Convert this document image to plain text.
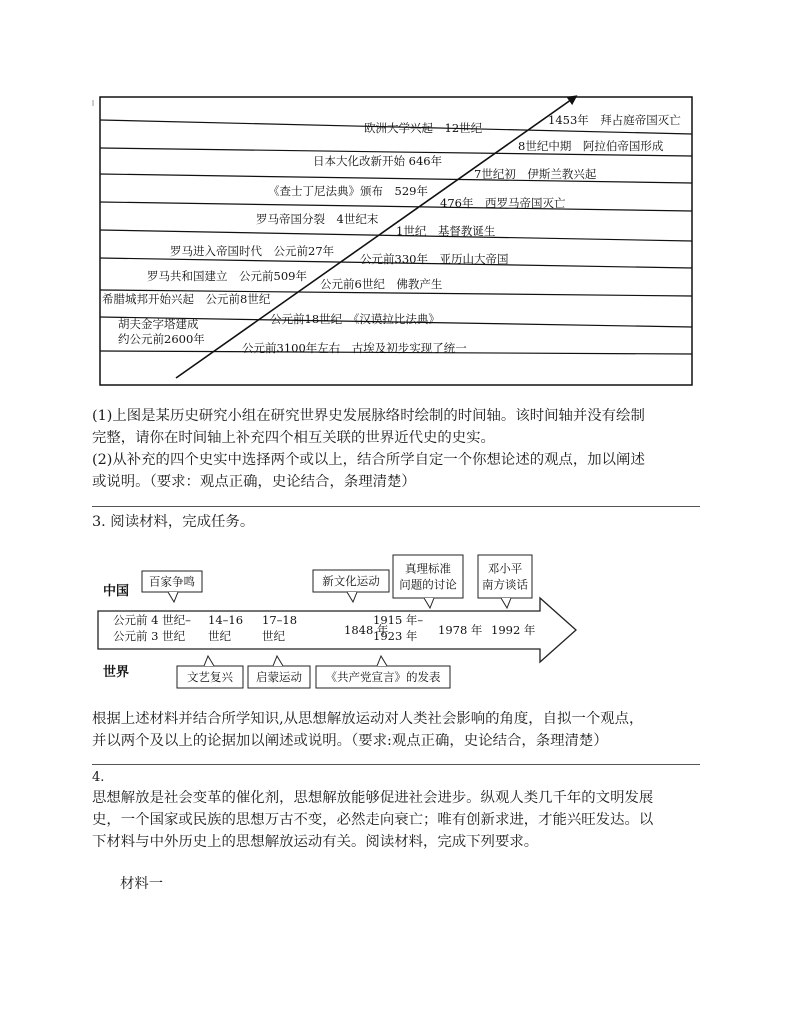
欧洲大学兴起　12世纪
1453年　拜占庭帝国灭亡
日本大化改新开始 646年
8世纪中期　阿拉伯帝国形成
《查士丁尼法典》颁布　529年
7世纪初　伊斯兰教兴起
罗马帝国分裂　4世纪末
476年　西罗马帝国灭亡
1世纪　基督教诞生
罗马进入帝国时代　公元前27年
公元前330年　亚历山大帝国
罗马共和国建立　公元前509年
公元前6世纪　佛教产生
希腊城邦开始兴起　公元前8世纪
公元前18世纪　《汉谟拉比法典》
胡夫金字塔建成
约公元前2600年
公元前3100年左右　古埃及初步实现了统一

(1)上图是某历史研究小组在研究世界史发展脉络时绘制的时间轴。该时间轴并没有绘制
完整，请你在时间轴上补充四个相互关联的世界近代史的史实。

(2)从补充的四个史实中选择两个或以上，结合所学自定一个你想论述的观点，加以阐述
或说明。（要求：观点正确，史论结合，条理清楚）

3. 阅读材料，完成任务。

中国
世界
公元前 4 世纪–
公元前 3 世纪
14–16
世纪
17–18
世纪	1848 年
1915 年–
1923 年 1978 年 1992 年
百家争鸣	新文化运动
真理标准
问题的讨论
邓小平
南方谈话
文艺复兴 启蒙运动 《共产党宣言》的发表

根据上述材料并结合所学知识,从思想解放运动对人类社会影响的角度，自拟一个观点，
并以两个及以上的论据加以阐述或说明。（要求:观点正确，史论结合，条理清楚）

4.

思想解放是社会变革的催化剂，思想解放能够促进社会进步。纵观人类几千年的文明发展
史，一个国家或民族的思想万古不变，必然走向衰亡；唯有创新求进，才能兴旺发达。以
下材料与中外历史上的思想解放运动有关。阅读材料，完成下列要求。

材料一
